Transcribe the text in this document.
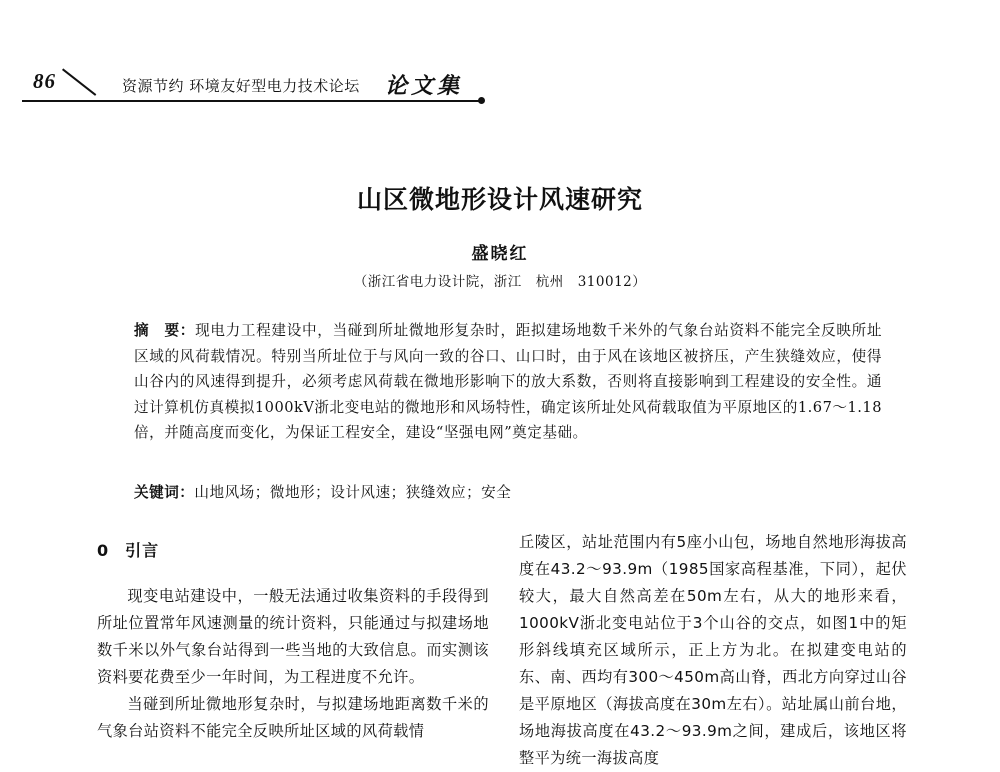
86	资源节约 环境友好型电力技术论坛 论文集
山区微地形设计风速研究
盛晓红
（浙江省电力设计院，浙江　杭州　310012）
摘　要：现电力工程建设中，当碰到所址微地形复杂时，距拟建场地数千米外的气象台站资料不能完全反映所址区域的风荷载情况。特别当所址位于与风向一致的谷口、山口时，由于风在该地区被挤压，产生狭缝效应，使得山谷内的风速得到提升，必须考虑风荷载在微地形影响下的放大系数，否则将直接影响到工程建设的安全性。通过计算机仿真模拟1000kV浙北变电站的微地形和风场特性，确定该所址处风荷载取值为平原地区的1.67～1.18倍，并随高度而变化，为保证工程安全，建设“坚强电网”奠定基础。
关键词：山地风场；微地形；设计风速；狭缝效应；安全
0 引言

现变电站建设中，一般无法通过收集资料的手段得到所址位置常年风速测量的统计资料，只能通过与拟建场地数千米以外气象台站得到一些当地的大致信息。而实测该资料要花费至少一年时间，为工程进度不允许。

当碰到所址微地形复杂时，与拟建场地距离数千米的气象台站资料不能完全反映所址区域的风荷载情

丘陵区，站址范围内有5座小山包，场地自然地形海拔高度在43.2～93.9m（1985国家高程基准，下同），起伏较大，最大自然高差在50m左右，从大的地形来看，1000kV浙北变电站位于3个山谷的交点，如图1中的矩形斜线填充区域所示，正上方为北。在拟建变电站的东、南、西均有300～450m高山脊，西北方向穿过山谷是平原地区（海拔高度在30m左右）。站址属山前台地，场地海拔高度在43.2～93.9m之间，建成后，该地区将整平为统一海拔高度
